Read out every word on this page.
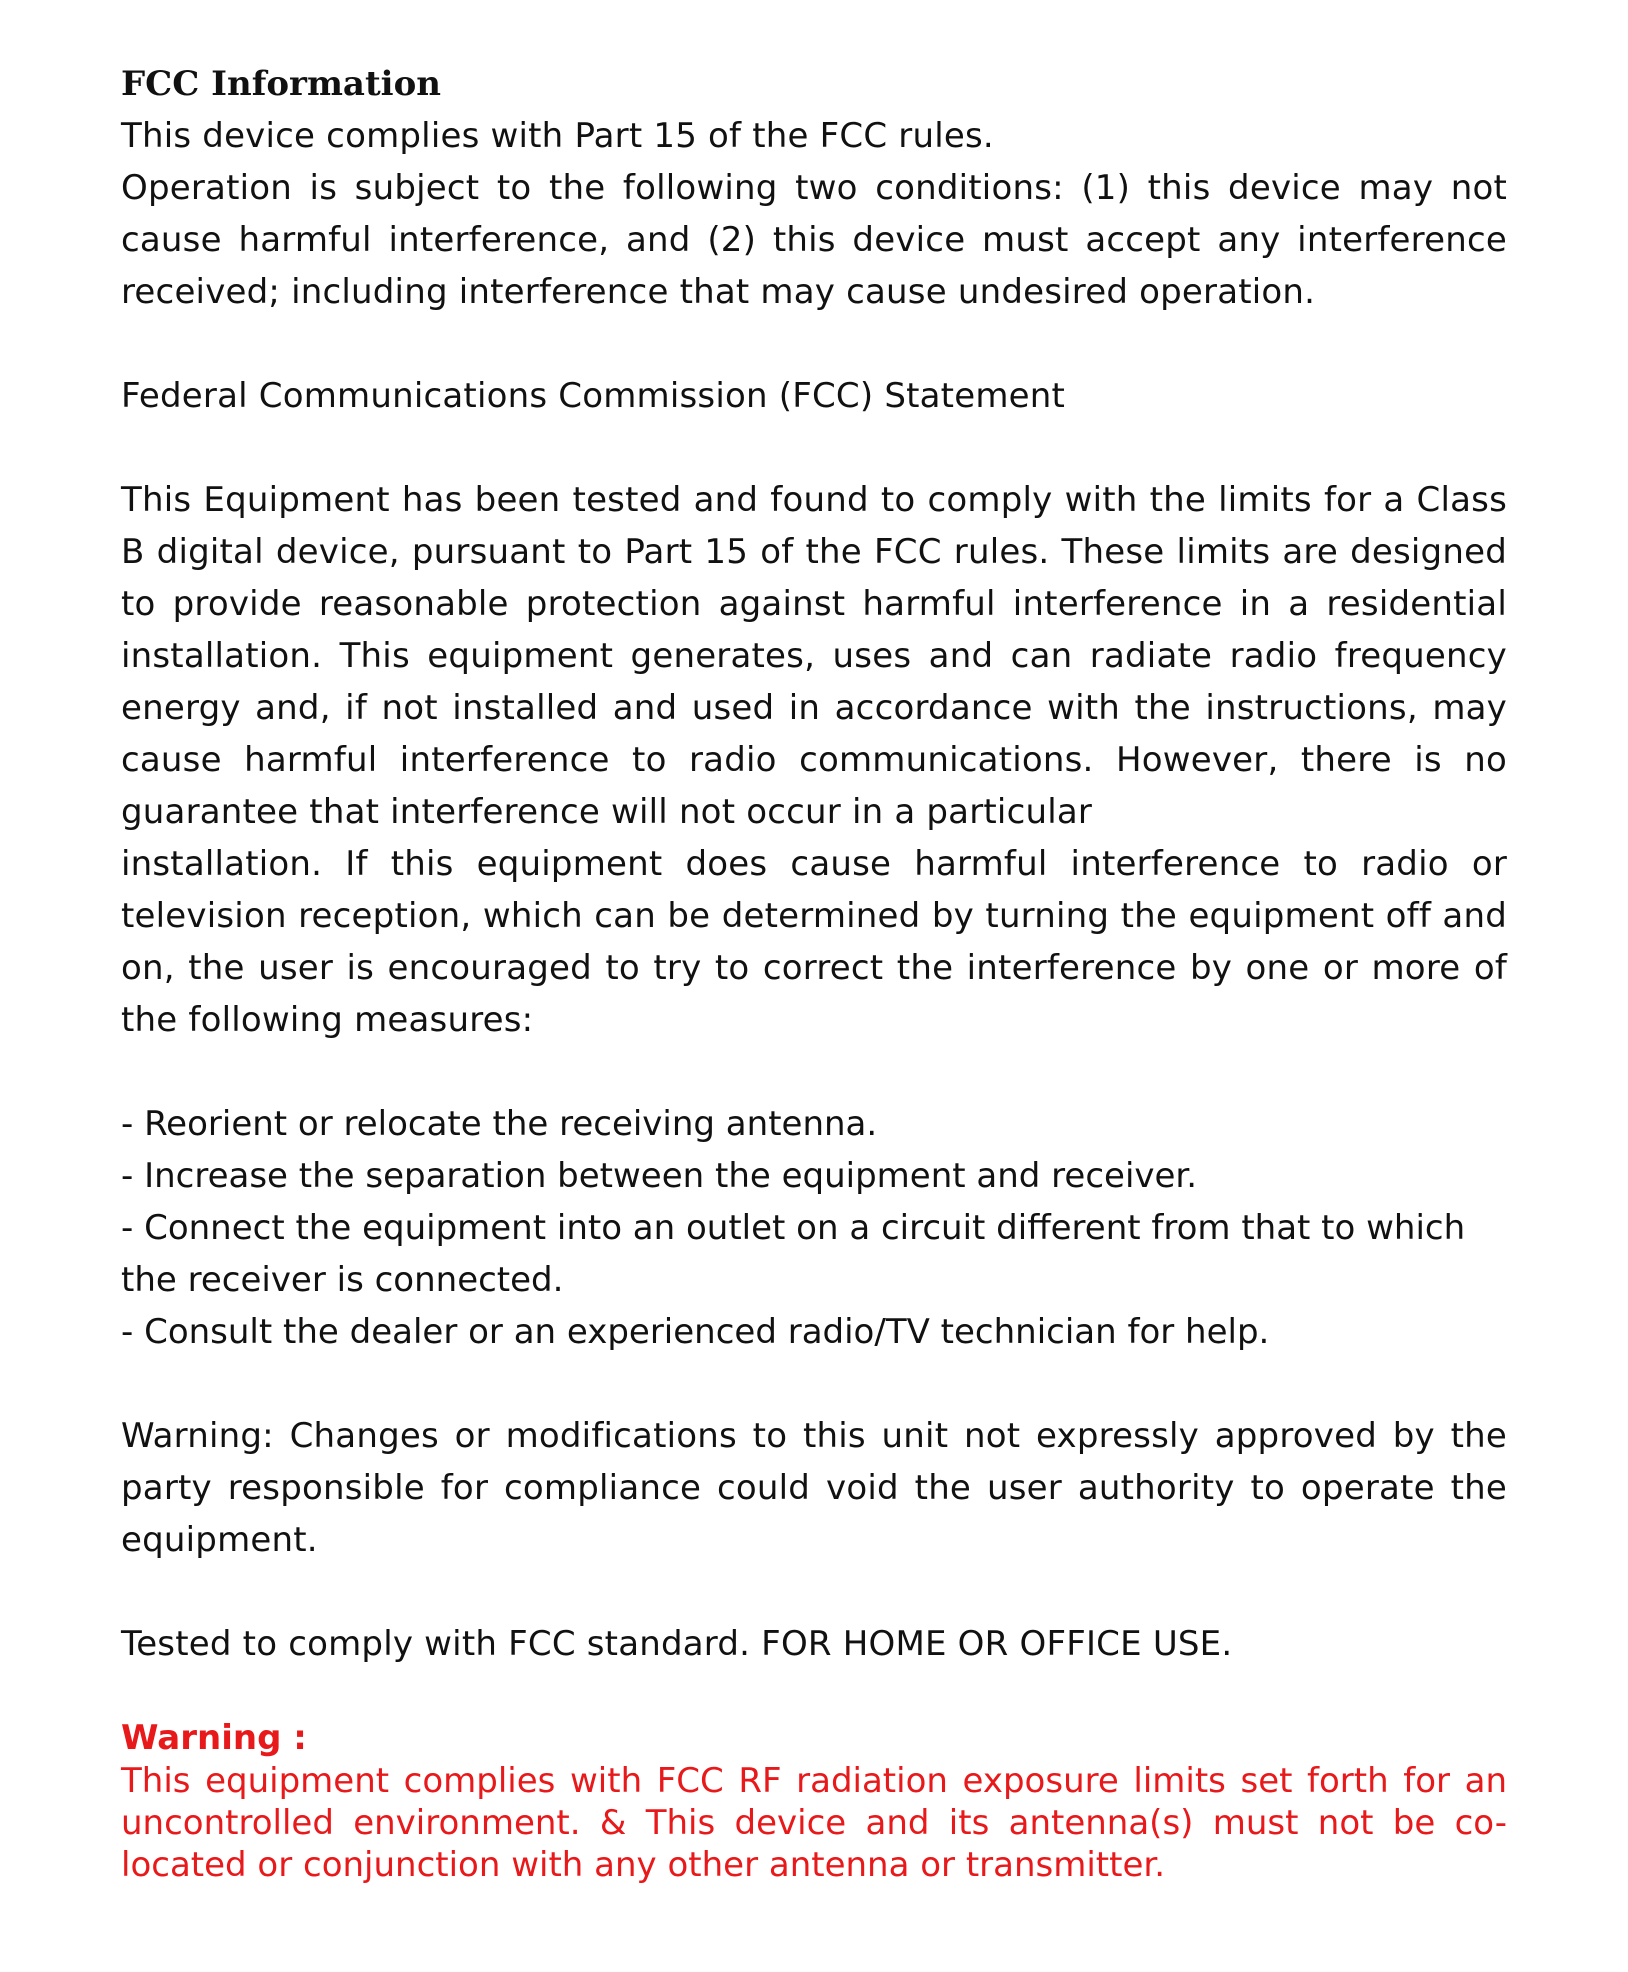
FCC Information

This device complies with Part 15 of the FCC rules.

Operation is subject to the following two conditions: (1) this device may not cause harmful interference, and (2) this device must accept any interference received; including interference that may cause undesired operation.

Federal Communications Commission (FCC) Statement

This Equipment has been tested and found to comply with the limits for a Class B digital device, pursuant to Part 15 of the FCC rules. These limits are designed to provide reasonable protection against harmful interference in a residential installation. This equipment generates, uses and can radiate radio frequency energy and, if not installed and used in accordance with the instructions, may cause harmful interference to radio communications. However, there is no guarantee that interference will not occur in a particular

installation. If this equipment does cause harmful interference to radio or television reception, which can be determined by turning the equipment off and on, the user is encouraged to try to correct the interference by one or more of the following measures:

- Reorient or relocate the receiving antenna.

- Increase the separation between the equipment and receiver.

- Connect the equipment into an outlet on a circuit different from that to which the receiver is connected.

- Consult the dealer or an experienced radio/TV technician for help.

Warning: Changes or modifications to this unit not expressly approved by the party responsible for compliance could void the user authority to operate the equipment.

Tested to comply with FCC standard. FOR HOME OR OFFICE USE.

Warning :

This equipment complies with FCC RF radiation exposure limits set forth for an uncontrolled environment. & This device and its antenna(s) must not be co-located or conjunction with any other antenna or transmitter.
